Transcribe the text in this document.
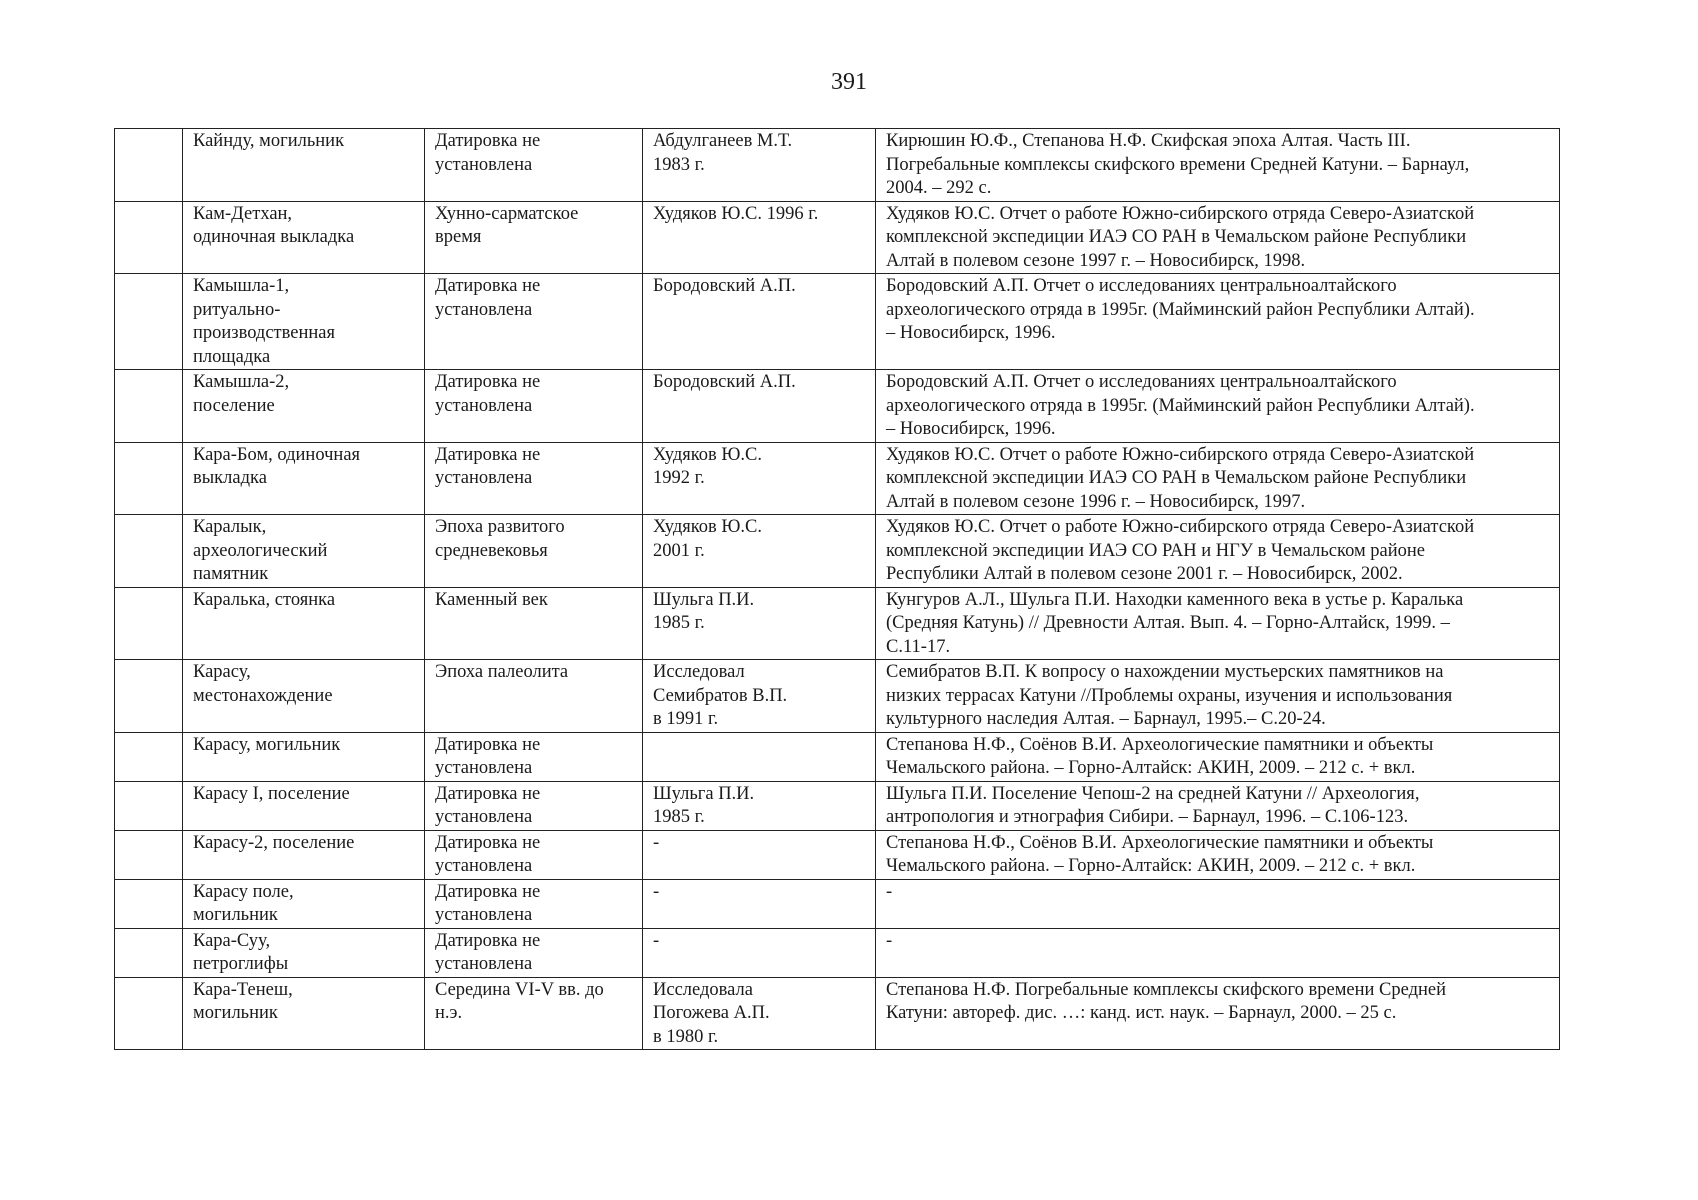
391

	Кайнду, могильник	Датировка не
установлена	Абдулганеев М.Т.
1983 г.	Кирюшин Ю.Ф., Степанова Н.Ф. Скифская эпоха Алтая. Часть III.
Погребальные комплексы скифского времени Средней Катуни. – Барнаул,
2004. – 292 с.

	Кам-Детхан,
одиночная выкладка	Хунно-сарматское
время	Худяков Ю.С. 1996 г.	Худяков Ю.С. Отчет о работе Южно-сибирского отряда Северо-Азиатской
комплексной экспедиции ИАЭ СО РАН в Чемальском районе Республики
Алтай в полевом сезоне 1997 г. – Новосибирск, 1998.

	Камышла-1,
ритуально-
производственная
площадка	Датировка не
установлена	Бородовский А.П.	Бородовский А.П. Отчет о исследованиях центральноалтайского
археологического отряда в 1995г. (Майминский район Республики Алтай).
– Новосибирск, 1996.

	Камышла-2,
поселение	Датировка не
установлена	Бородовский А.П.	Бородовский А.П. Отчет о исследованиях центральноалтайского
археологического отряда в 1995г. (Майминский район Республики Алтай).
– Новосибирск, 1996.

	Кара-Бом, одиночная
выкладка	Датировка не
установлена	Худяков Ю.С.
1992 г.	Худяков Ю.С. Отчет о работе Южно-сибирского отряда Северо-Азиатской
комплексной экспедиции ИАЭ СО РАН в Чемальском районе Республики
Алтай в полевом сезоне 1996 г. – Новосибирск, 1997.

	Каралык,
археологический
памятник	Эпоха развитого
средневековья	Худяков Ю.С.
2001 г.	Худяков Ю.С. Отчет о работе Южно-сибирского отряда Северо-Азиатской
комплексной экспедиции ИАЭ СО РАН и НГУ в Чемальском районе
Республики Алтай в полевом сезоне 2001 г. – Новосибирск, 2002.

	Каралька, стоянка	Каменный век	Шульга П.И.
1985 г.	Кунгуров А.Л., Шульга П.И. Находки каменного века в устье р. Каралька
(Средняя Катунь) // Древности Алтая. Вып. 4. – Горно-Алтайск, 1999. –
С.11-17.

	Карасу,
местонахождение	Эпоха палеолита	Исследовал
Семибратов В.П.
в 1991 г.	Семибратов В.П. К вопросу о нахождении мустьерских памятников на
низких террасах Катуни //Проблемы охраны, изучения и использования
культурного наследия Алтая. – Барнаул, 1995.– С.20-24.

	Карасу, могильник	Датировка не
установлена		Степанова Н.Ф., Соёнов В.И. Археологические памятники и объекты
Чемальского района. – Горно-Алтайск: АКИН, 2009. – 212 с. + вкл.

	Карасу I, поселение	Датировка не
установлена	Шульга П.И.
1985 г.	Шульга П.И. Поселение Чепош-2 на средней Катуни // Археология,
антропология и этнография Сибири. – Барнаул, 1996. – С.106-123.

	Карасу-2, поселение	Датировка не
установлена	-	Степанова Н.Ф., Соёнов В.И. Археологические памятники и объекты
Чемальского района. – Горно-Алтайск: АКИН, 2009. – 212 с. + вкл.

	Карасу поле,
могильник	Датировка не
установлена	-	-

	Кара-Суу,
петроглифы	Датировка не
установлена	-	-

	Кара-Тенеш,
могильник	Середина VI-V вв. до
н.э.	Исследовала
Погожева А.П.
в 1980 г.	Степанова Н.Ф. Погребальные комплексы скифского времени Средней
Катуни: автореф. дис. …: канд. ист. наук. – Барнаул, 2000. – 25 с.
